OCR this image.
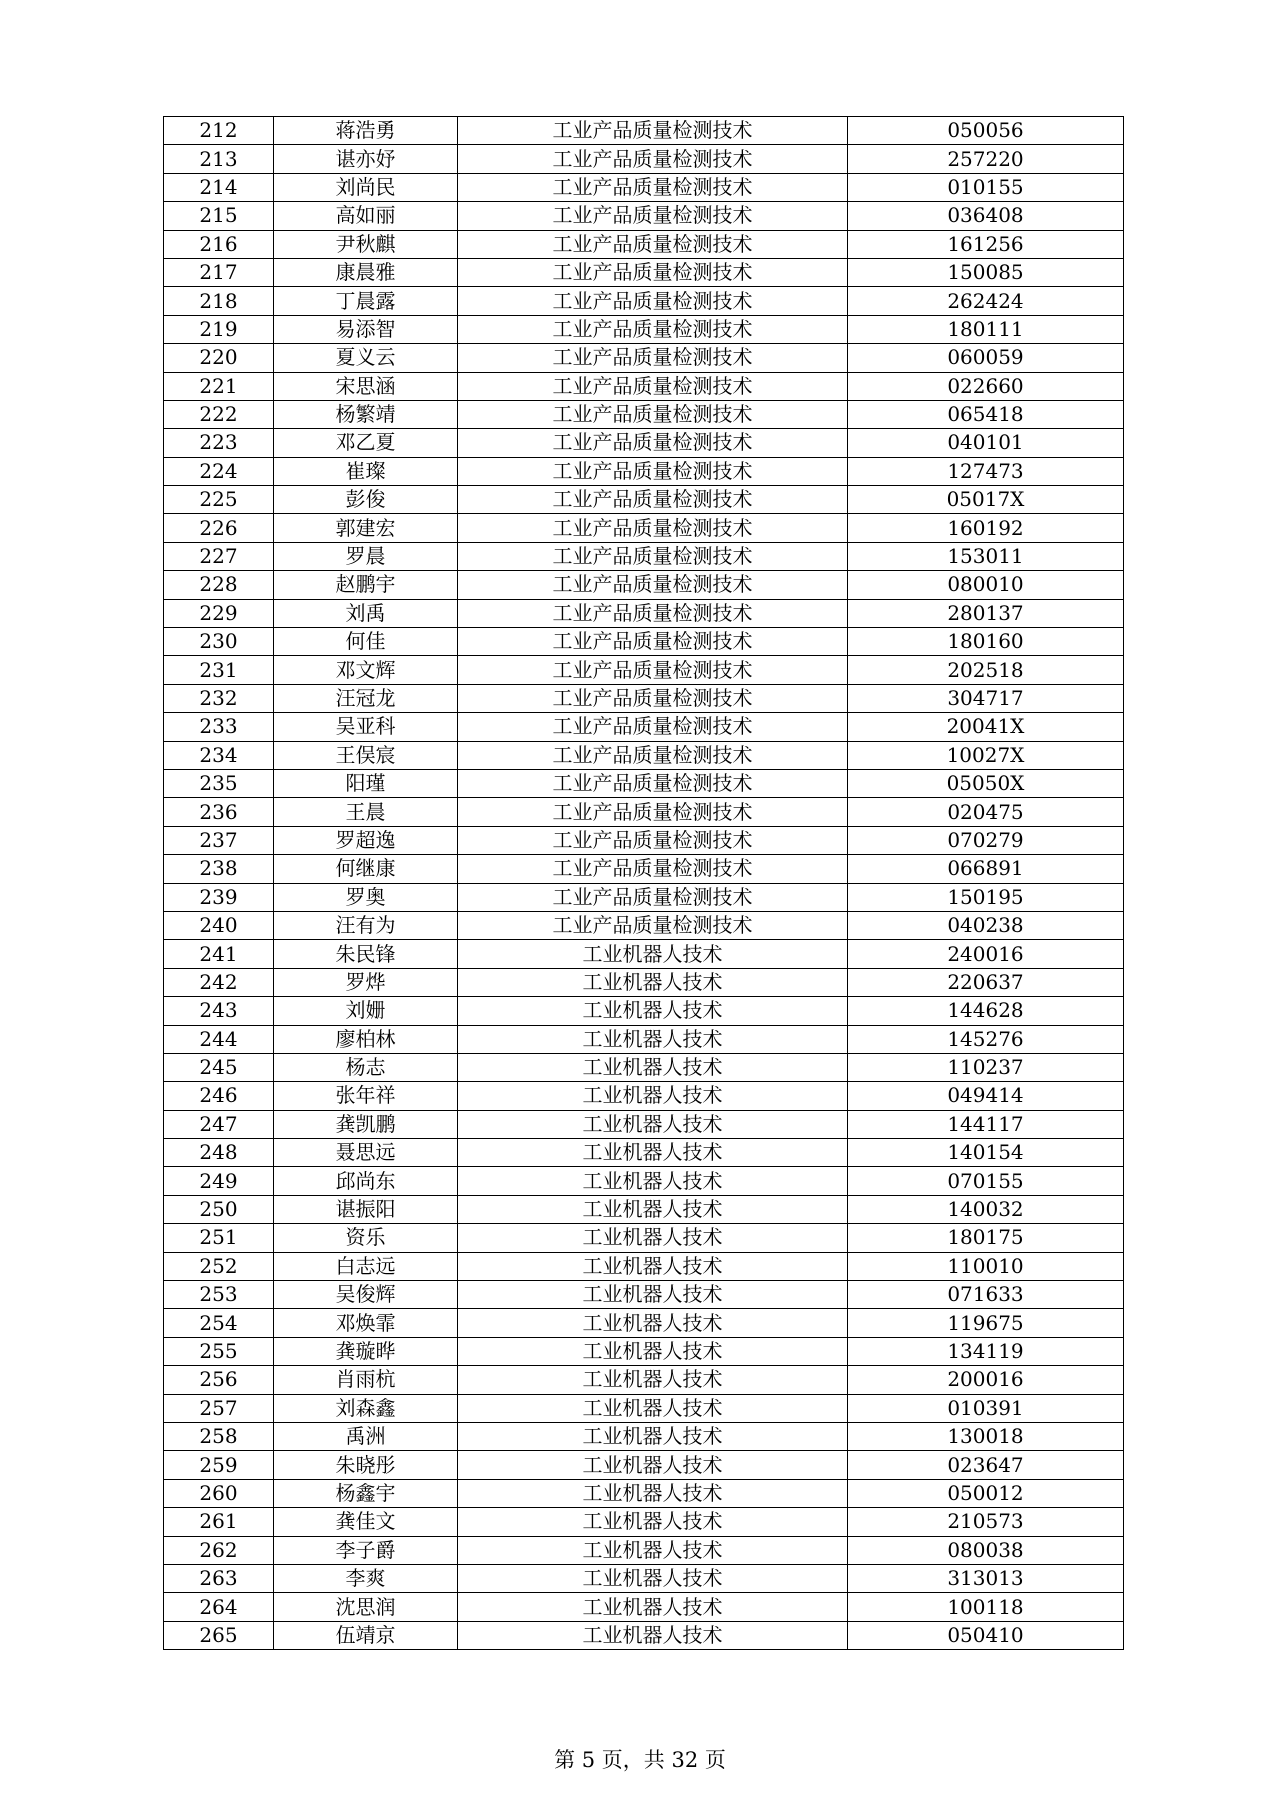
212	蒋浩勇	工业产品质量检测技术	050056
213	谌亦妤	工业产品质量检测技术	257220
214	刘尚民	工业产品质量检测技术	010155
215	高如丽	工业产品质量检测技术	036408
216	尹秋麒	工业产品质量检测技术	161256
217	康晨雅	工业产品质量检测技术	150085
218	丁晨露	工业产品质量检测技术	262424
219	易添智	工业产品质量检测技术	180111
220	夏义云	工业产品质量检测技术	060059
221	宋思涵	工业产品质量检测技术	022660
222	杨繁靖	工业产品质量检测技术	065418
223	邓乙夏	工业产品质量检测技术	040101
224	崔璨	工业产品质量检测技术	127473
225	彭俊	工业产品质量检测技术	05017X
226	郭建宏	工业产品质量检测技术	160192
227	罗晨	工业产品质量检测技术	153011
228	赵鹏宇	工业产品质量检测技术	080010
229	刘禹	工业产品质量检测技术	280137
230	何佳	工业产品质量检测技术	180160
231	邓文辉	工业产品质量检测技术	202518
232	汪冠龙	工业产品质量检测技术	304717
233	吴亚科	工业产品质量检测技术	20041X
234	王俣宸	工业产品质量检测技术	10027X
235	阳瑾	工业产品质量检测技术	05050X
236	王晨	工业产品质量检测技术	020475
237	罗超逸	工业产品质量检测技术	070279
238	何继康	工业产品质量检测技术	066891
239	罗奥	工业产品质量检测技术	150195
240	汪有为	工业产品质量检测技术	040238
241	朱民锋	工业机器人技术	240016
242	罗烨	工业机器人技术	220637
243	刘姗	工业机器人技术	144628
244	廖柏林	工业机器人技术	145276
245	杨志	工业机器人技术	110237
246	张年祥	工业机器人技术	049414
247	龚凯鹏	工业机器人技术	144117
248	聂思远	工业机器人技术	140154
249	邱尚东	工业机器人技术	070155
250	谌振阳	工业机器人技术	140032
251	资乐	工业机器人技术	180175
252	白志远	工业机器人技术	110010
253	吴俊辉	工业机器人技术	071633
254	邓焕霏	工业机器人技术	119675
255	龚璇晔	工业机器人技术	134119
256	肖雨杭	工业机器人技术	200016
257	刘森鑫	工业机器人技术	010391
258	禹洲	工业机器人技术	130018
259	朱晓彤	工业机器人技术	023647
260	杨鑫宇	工业机器人技术	050012
261	龚佳文	工业机器人技术	210573
262	李子爵	工业机器人技术	080038
263	李爽	工业机器人技术	313013
264	沈思润	工业机器人技术	100118
265	伍靖京	工业机器人技术	050410
第 5 页，共 32 页
